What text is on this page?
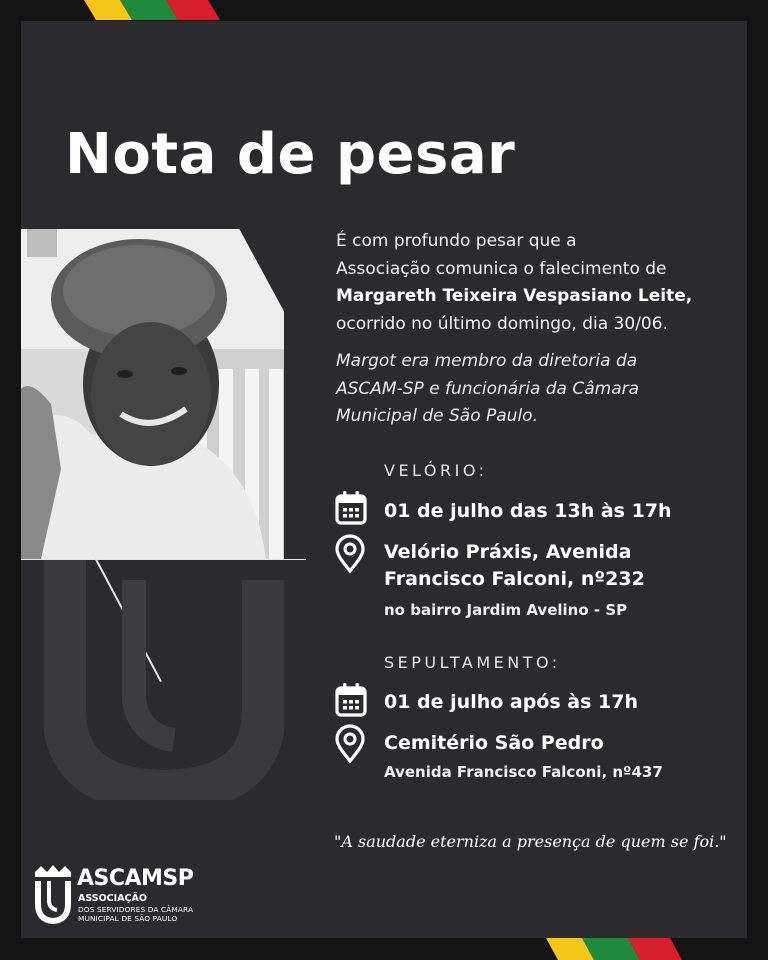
Nota de pesar
É com profundo pesar que a
Associação comunica o falecimento de
Margareth Teixeira Vespasiano Leite,
ocorrido no último domingo, dia 30/06.
Margot era membro da diretoria da
ASCAM-SP e funcionária da Câmara
Municipal de São Paulo.
VELÓRIO:
01 de julho das 13h às 17h
Velório Práxis, Avenida
Francisco Falconi, nº232
no bairro Jardim Avelino - SP
SEPULTAMENTO:
01 de julho após às 17h
Cemitério São Pedro
Avenida Francisco Falconi, nº437
"A saudade eterniza a presença de quem se foi."
ASCAMSP
ASSOCIAÇÃO
DOS SERVIDORES DA CÂMARA
MUNICIPAL DE SÃO PAULO
